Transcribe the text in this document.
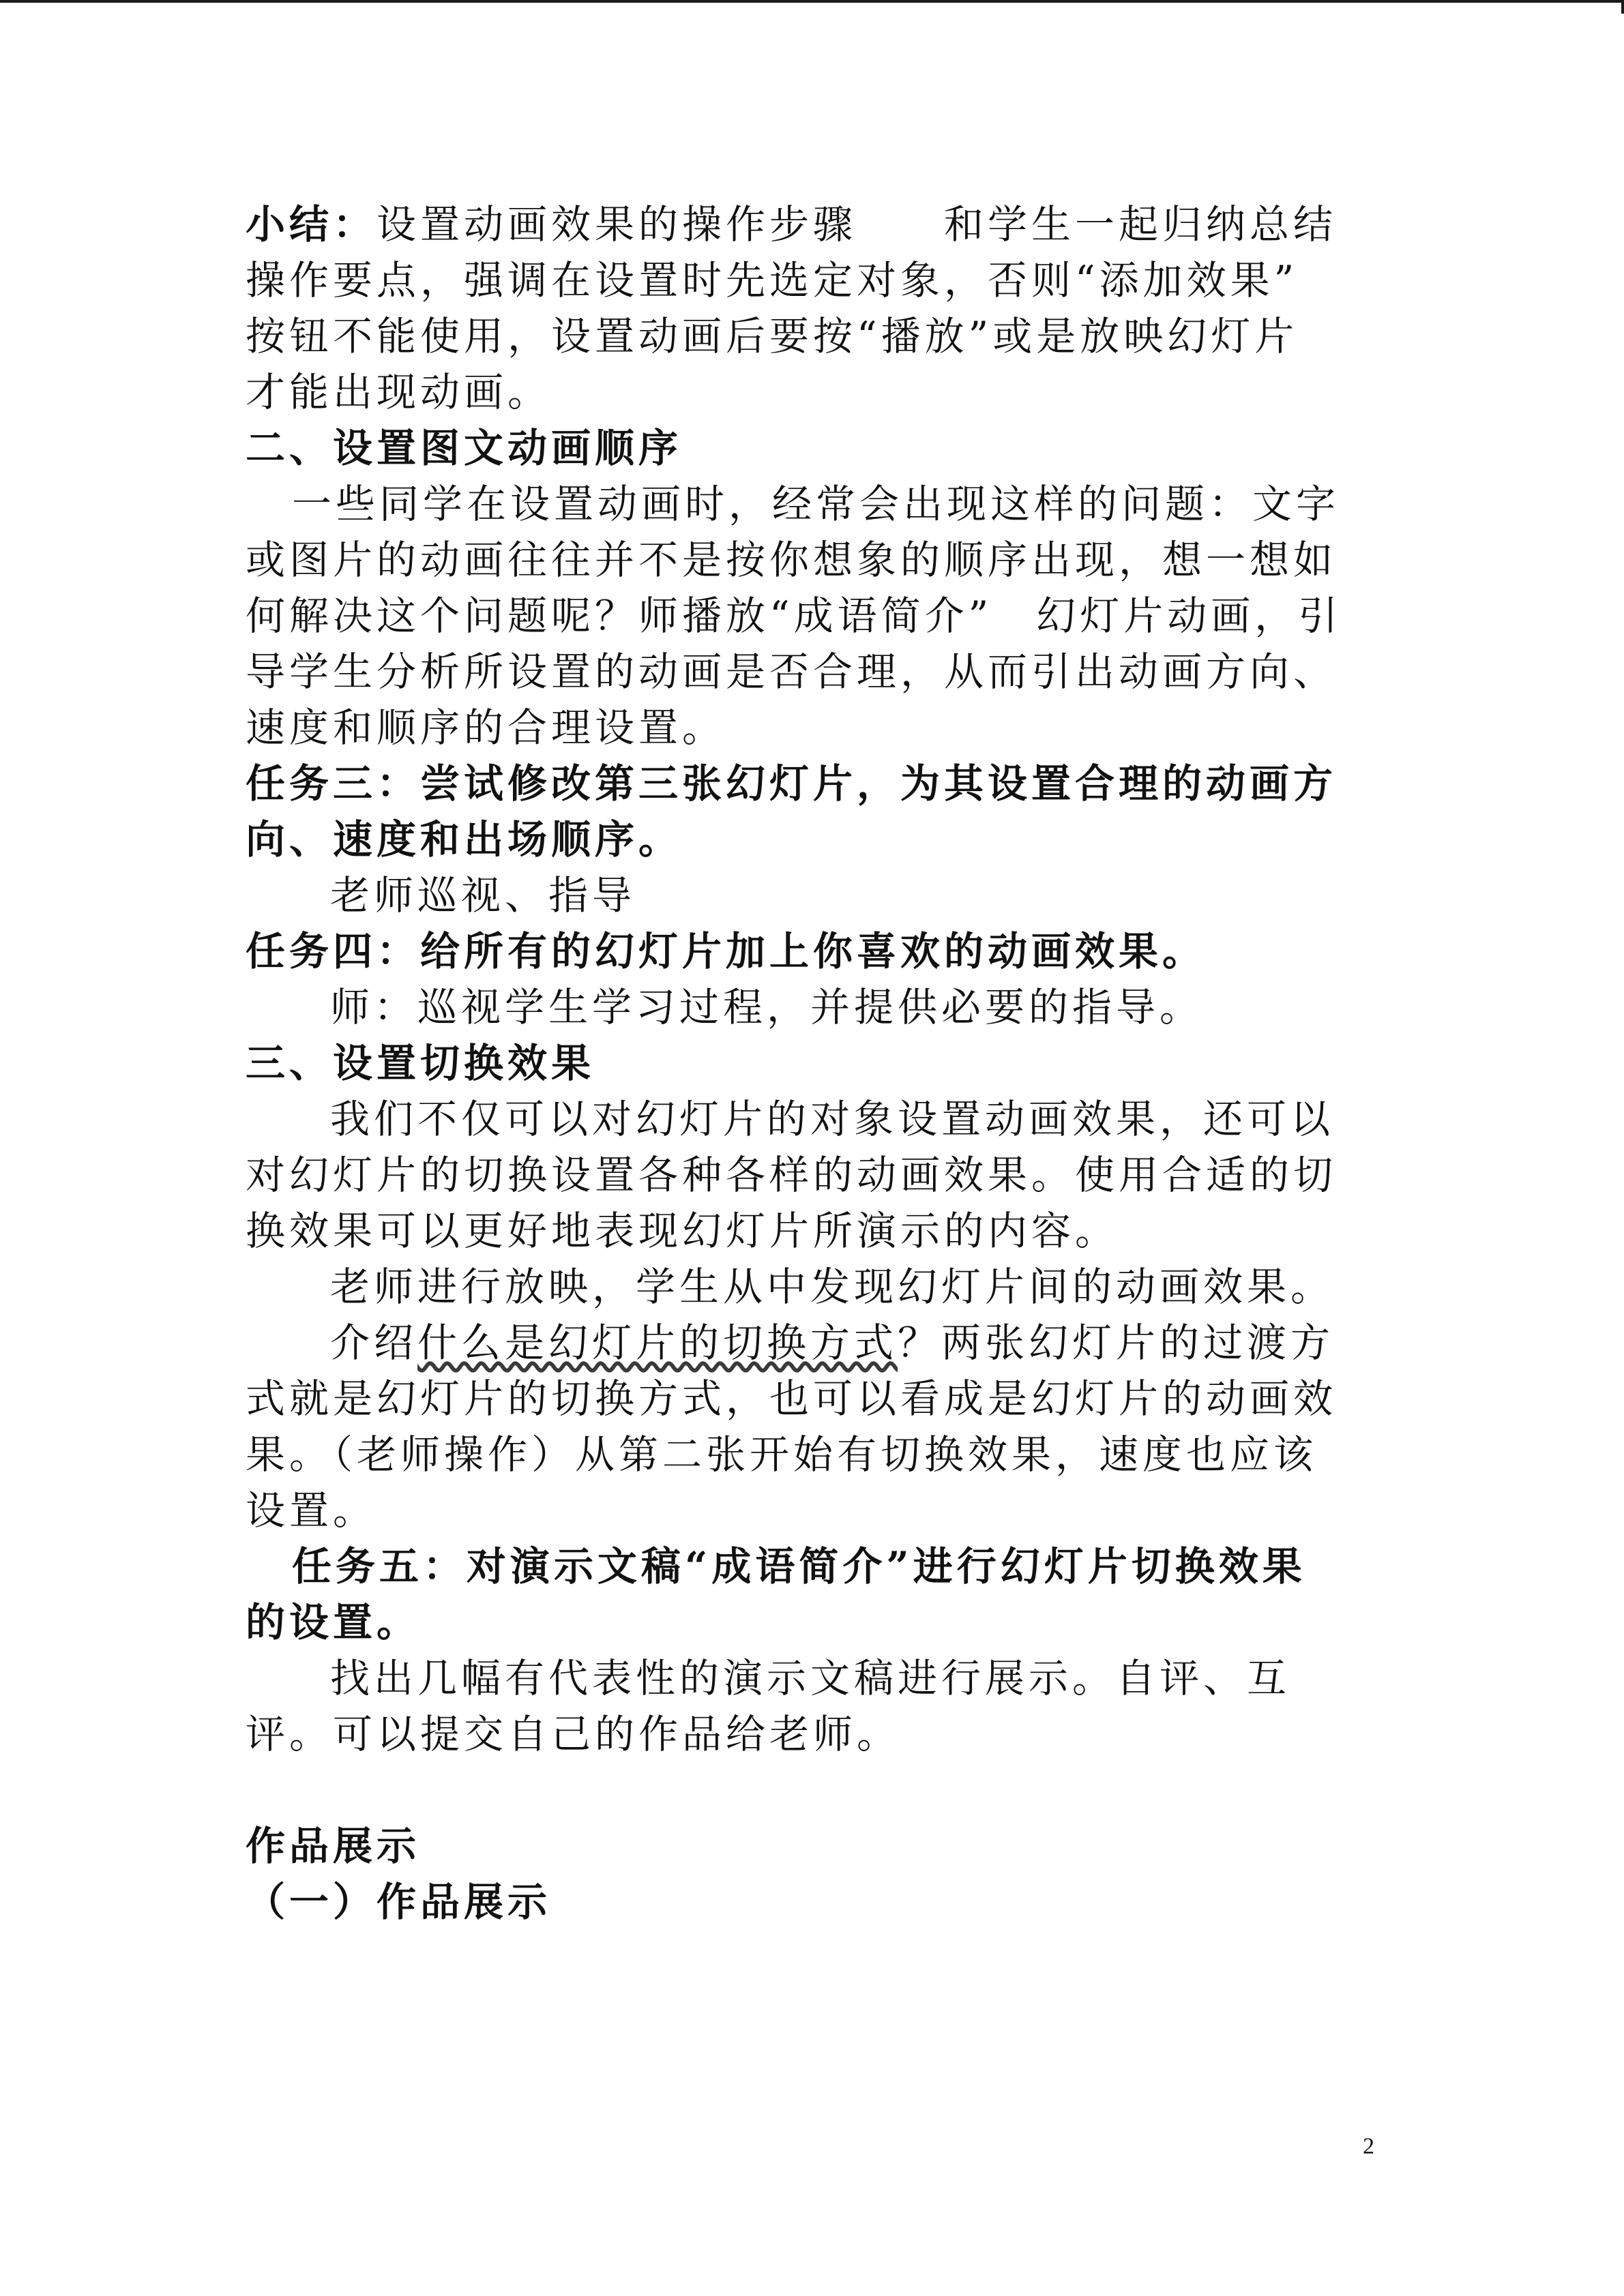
小结：设置动画效果的操作步骤　　和学生一起归纳总结
操作要点，强调在设置时先选定对象，否则“添加效果”
按钮不能使用，设置动画后要按“播放”或是放映幻灯片
才能出现动画。
二、设置图文动画顺序
一些同学在设置动画时，经常会出现这样的问题：文字
或图片的动画往往并不是按你想象的顺序出现，想一想如
何解决这个问题呢？师播放“成语简介”　幻灯片动画，引
导学生分析所设置的动画是否合理，从而引出动画方向、
速度和顺序的合理设置。
任务三：尝试修改第三张幻灯片，为其设置合理的动画方
向、速度和出场顺序。
老师巡视、指导
任务四：给所有的幻灯片加上你喜欢的动画效果。
师：巡视学生学习过程，并提供必要的指导。
三、设置切换效果
我们不仅可以对幻灯片的对象设置动画效果，还可以
对幻灯片的切换设置各种各样的动画效果。使用合适的切
换效果可以更好地表现幻灯片所演示的内容。
老师进行放映，学生从中发现幻灯片间的动画效果。
介绍什么是幻灯片的切换方式？两张幻灯片的过渡方
式就是幻灯片的切换方式，也可以看成是幻灯片的动画效
果。（老师操作）从第二张开始有切换效果，速度也应该
设置。
任务五：对演示文稿“成语简介”进行幻灯片切换效果
的设置。
找出几幅有代表性的演示文稿进行展示。自评、互
评。可以提交自己的作品给老师。
作品展示
（一）作品展示
2
